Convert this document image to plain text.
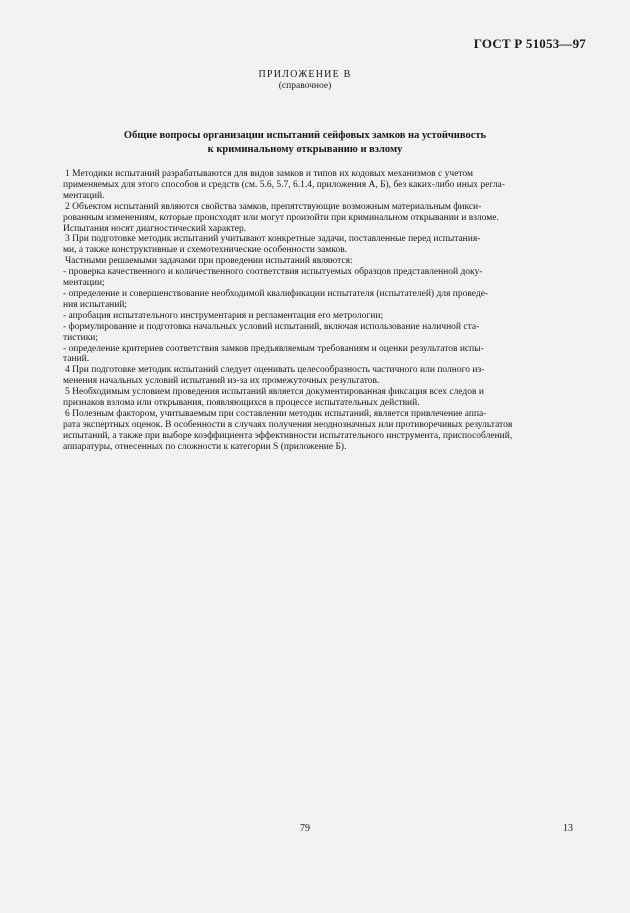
ГОСТ Р 51053—97
ПРИЛОЖЕНИЕ В
(справочное)
Общие вопросы организации испытаний сейфовых замков на устойчивость
к криминальному открыванию и взлому
1 Методики испытаний разрабатываются для видов замков и типов их кодовых механизмов с учетом
применяемых для этого способов и средств (см. 5.6, 5.7, 6.1.4, приложения А, Б), без каких-либо иных регла-
ментаций.
2 Объектом испытаний являются свойства замков, препятствующие возможным материальным фикси-
рованным изменениям, которые происходят или могут произойти при криминальном открывании и взломе.
Испытания носят диагностический характер.
3 При подготовке методик испытаний учитывают конкретные задачи, поставленные перед испытания-
ми, а также конструктивные и схемотехнические особенности замков.
Частными решаемыми задачами при проведении испытаний являются:
- проверка качественного и количественного соответствия испытуемых образцов представленной доку-
ментации;
- определение и совершенствование необходимой квалификации испытателя (испытателей) для проведе-
ния испытаний;
- апробация испытательного инструментария и регламентация его метрологии;
- формулирование и подготовка начальных условий испытаний, включая использование наличной ста-
тистики;
- определение критериев соответствия замков предъявляемым требованиям и оценки результатов испы-
таний.
4 При подготовке методик испытаний следует оценивать целесообразность частичного или полного из-
менения начальных условий испытаний из-за их промежуточных результатов.
5 Необходимым условием проведения испытаний является документированная фиксация всех следов и
признаков взлома или открывания, появляющихся в процессе испытательных действий.
6 Полезным фактором, учитываемым при составлении методик испытаний, является привлечение аппа-
рата экспертных оценок. В особенности в случаях получения неоднозначных или противоречивых результатов
испытаний, а также при выборе коэффициента эффективности испытательного инструмента, приспособлений,
аппаратуры, отнесенных по сложности к категории S (приложение Б).
79	13
